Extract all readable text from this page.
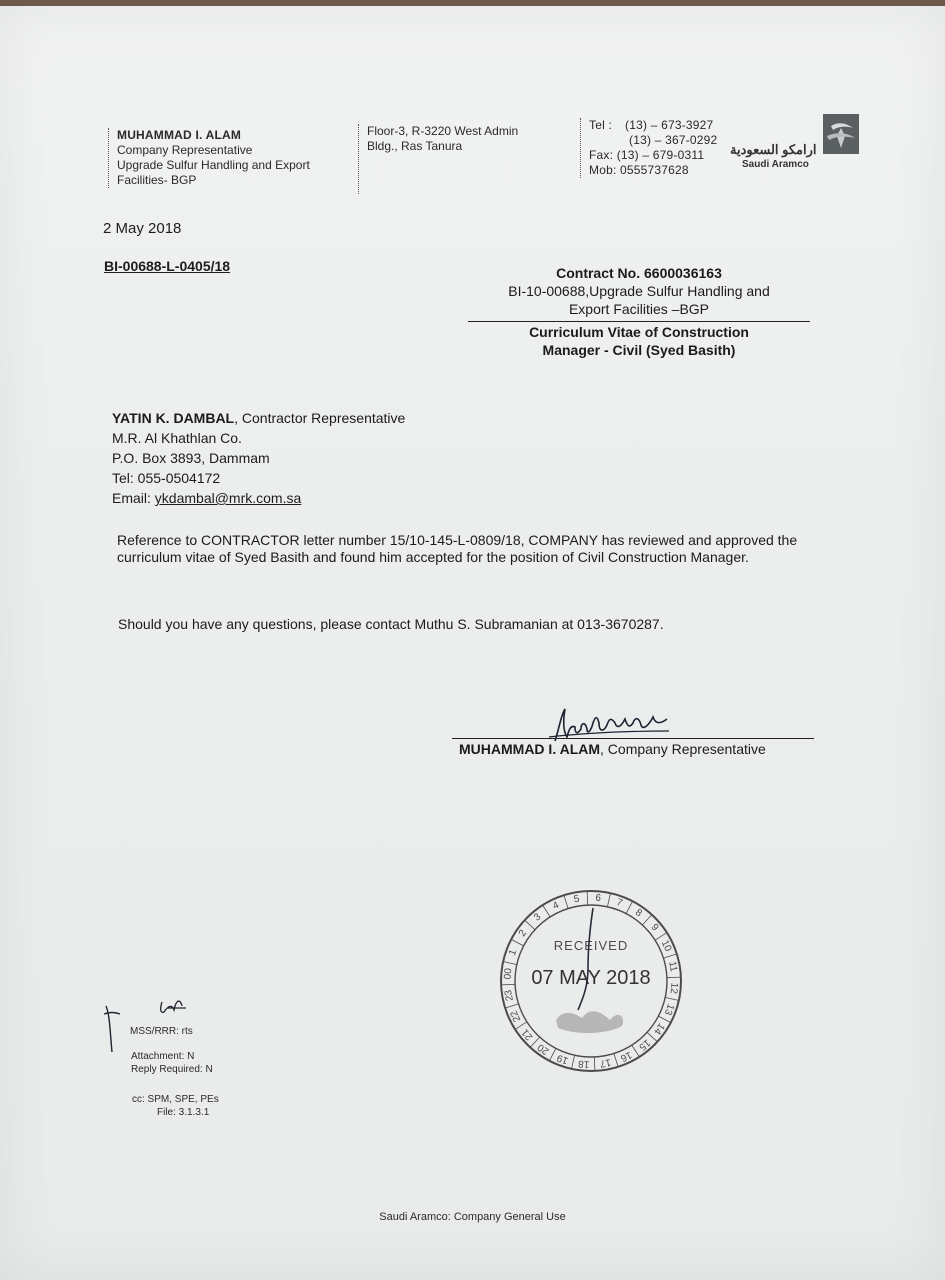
MUHAMMAD I. ALAM
Company Representative
Upgrade Sulfur Handling and Export
Facilities- BGP
Floor-3, R-3220 West Admin
Bldg., Ras Tanura
Tel : (13) – 673-3927
(13) – 367-0292
Fax: (13) – 679-0311
Mob: 0555737628
ارامكو السعودية
Saudi Aramco
2 May 2018
BI-00688-L-0405/18	Contract No. 6600036163
BI-10-00688,Upgrade Sulfur Handling and
Export Facilities –BGP
Curriculum Vitae of Construction
Manager - Civil (Syed Basith)
YATIN K. DAMBAL, Contractor Representative
M.R. Al Khathlan Co.
P.O. Box 3893, Dammam
Tel: 055-0504172
Email: ykdambal@mrk.com.sa
Reference to CONTRACTOR letter number 15/10-145-L-0809/18, COMPANY has reviewed and approved the curriculum vitae of Syed Basith and found him accepted for the position of Civil Construction Manager.
Should you have any questions, please contact Muthu S. Subramanian at 013-3670287.
MUHAMMAD I. ALAM, Company Representative
1
2
3
4
5 6 7
8
9
10
11
12
13
14
15
16
17
18
19
20
21
22
23
00
RECEIVED
07 MAY 2018
MSS/RRR: rts
Attachment: N
Reply Required: N
cc: SPM, SPE, PEs
File: 3.1.3.1
Saudi Aramco: Company General Use
